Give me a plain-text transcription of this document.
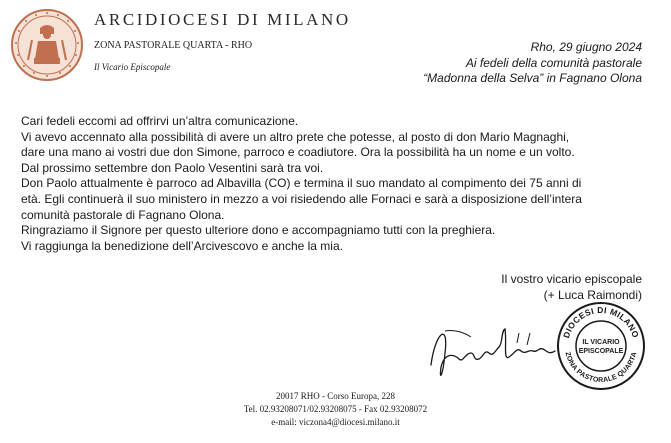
ARCIDIOCESI DI MILANO
ZONA PASTORALE QUARTA - RHO
Il Vicario Episcopale
Rho, 29 giugno 2024
Ai fedeli della comunità pastorale
“Madonna della Selva” in Fagnano Olona

Cari fedeli eccomi ad offrirvi un’altra comunicazione.

Vi avevo accennato alla possibilità di avere un altro prete che potesse, al posto di don Mario Magnaghi,

dare una mano ai vostri due don Simone, parroco e coadiutore. Ora la possibilità ha un nome e un volto.

Dal prossimo settembre don Paolo Vesentini sarà tra voi.

Don Paolo attualmente è parroco ad Albavilla (CO) e termina il suo mandato al compimento dei 75 anni di

età. Egli continuerà il suo ministero in mezzo a voi risiedendo alle Fornaci e sarà a disposizione dell’intera

comunità pastorale di Fagnano Olona.

Ringraziamo il Signore per questo ulteriore dono e accompagniamo tutti con la preghiera.

Vi raggiunga la benedizione dell’Arcivescovo e anche la mia.

Il vostro vicario episcopale
(+ Luca Raimondi)
DIOCESI DI MILANO
ZONA PASTORALE QUARTA
IL VICARIO
EPISCOPALE
20017 RHO - Corso Europa, 228
Tel. 02.93208071/02.93208075 - Fax 02.93208072
e-mail: viczona4@diocesi.milano.it
